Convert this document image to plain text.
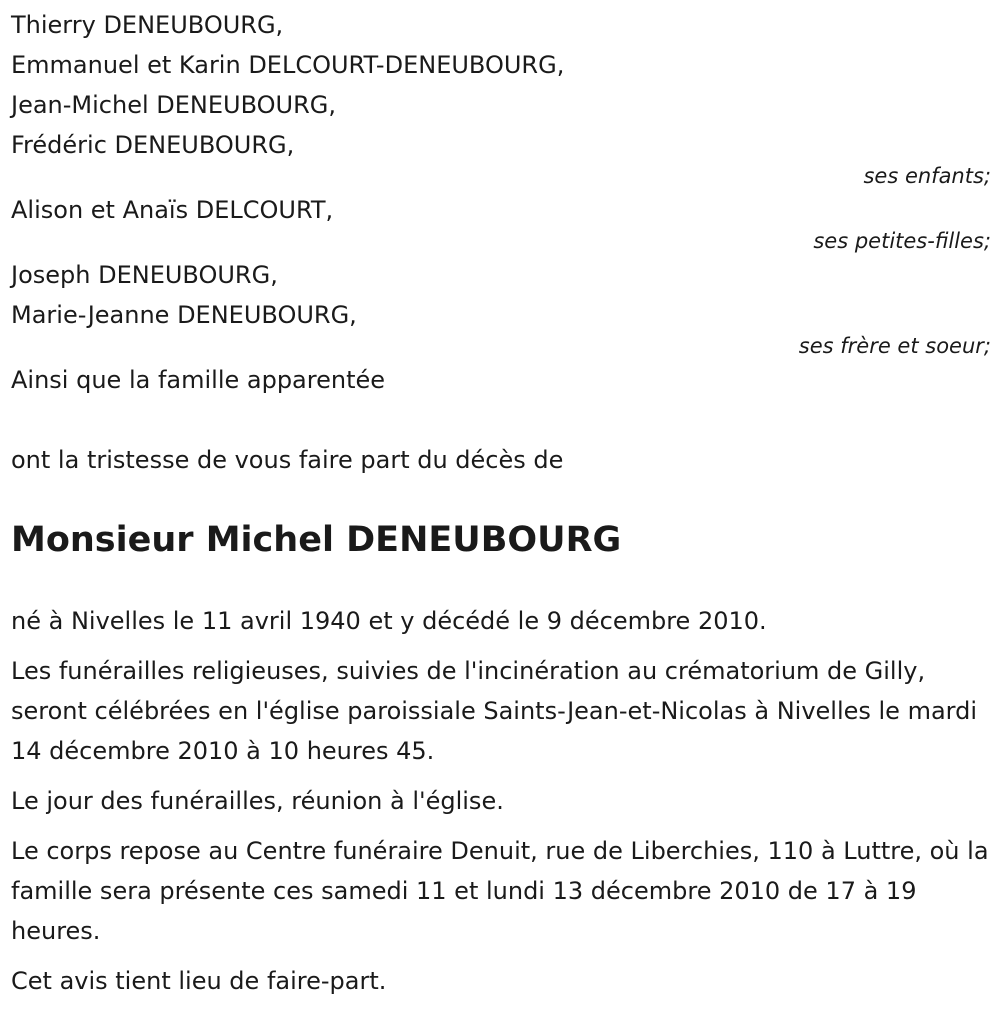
Thierry DENEUBOURG,
Emmanuel et Karin DELCOURT-DENEUBOURG,
Jean-Michel DENEUBOURG,
Frédéric DENEUBOURG,
ses enfants;
Alison et Anaïs DELCOURT,
ses petites-filles;
Joseph DENEUBOURG,
Marie-Jeanne DENEUBOURG,
ses frère et soeur;
Ainsi que la famille apparentée
ont la tristesse de vous faire part du décès de
Monsieur Michel DENEUBOURG
né à Nivelles le 11 avril 1940 et y décédé le 9 décembre 2010.
Les funérailles religieuses, suivies de l'incinération au crématorium de Gilly, seront célébrées en l'église paroissiale Saints-Jean-et-Nicolas à Nivelles le mardi 14 décembre 2010 à 10 heures 45.
Le jour des funérailles, réunion à l'église.
Le corps repose au Centre funéraire Denuit, rue de Liberchies, 110 à Luttre, où la famille sera présente ces samedi 11 et lundi 13 décembre 2010 de 17 à 19 heures.
Cet avis tient lieu de faire-part.
